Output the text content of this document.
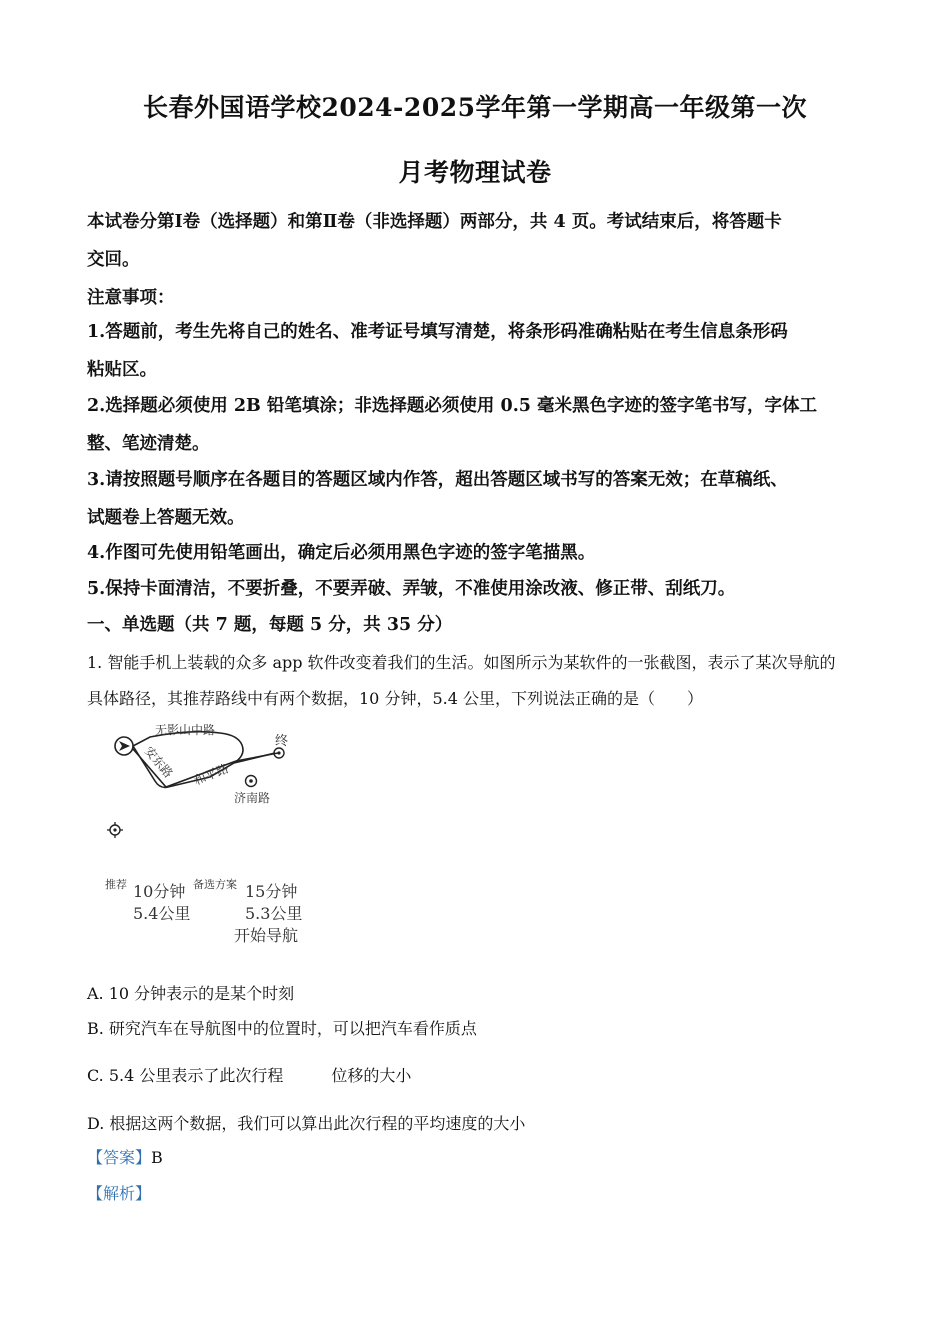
长春外国语学校2024-2025学年第一学期高一年级第一次
月考物理试卷
本试卷分第Ⅰ卷（选择题）和第Ⅱ卷（非选择题）两部分，共 4 页。考试结束后，将答题卡
交回。
注意事项：
1.答题前，考生先将自己的姓名、准考证号填写清楚，将条形码准确粘贴在考生信息条形码
粘贴区。
2.选择题必须使用 2B 铅笔填涂；非选择题必须使用 0.5 毫米黑色字迹的签字笔书写，字体工
整、笔迹清楚。
3.请按照题号顺序在各题目的答题区域内作答，超出答题区域书写的答案无效；在草稿纸、
试题卷上答题无效。
4.作图可先使用铅笔画出，确定后必须用黑色字迹的签字笔描黑。
5.保持卡面清洁，不要折叠，不要弄破、弄皱，不准使用涂改液、修正带、刮纸刀。
一、单选题（共 7 题，每题 5 分，共 35 分）
1. 智能手机上装载的众多 app 软件改变着我们的生活。如图所示为某软件的一张截图，表示了某次导航的
具体路径，其推荐路线中有两个数据，10 分钟，5.4 公里，下列说法正确的是（　　）
无影山中路
安东路 和平路
济南路
终
推荐 10分钟
5.4公里
备选方案 15分钟
5.3公里
开始导航
A. 10 分钟表示的是某个时刻
B. 研究汽车在导航图中的位置时，可以把汽车看作质点
C. 5.4 公里表示了此次行程　　　位移的大小
D. 根据这两个数据，我们可以算出此次行程的平均速度的大小
【答案】B
【解析】
